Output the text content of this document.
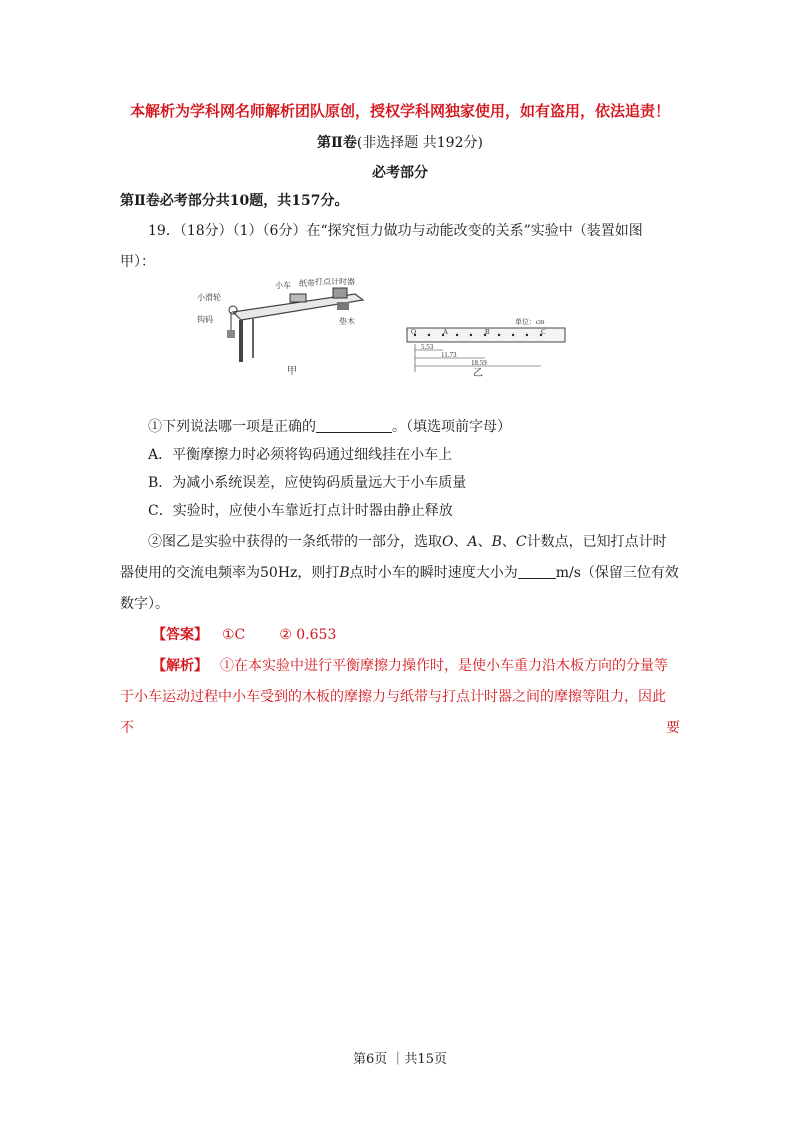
本解析为学科网名师解析团队原创，授权学科网独家使用，如有盗用，依法追责！
第Ⅱ卷(非选择题 共192分)
必考部分
第Ⅱ卷必考部分共10题，共157分。
19．（18分）（1）（6分）在“探究恒力做功与动能改变的关系”实验中（装置如图
甲）：
小滑轮
钩码
小车 纸带 打点计时器
垫木
甲
单位：cm
O	A	B	C
5.53
11.73
18.59
乙
①下列说法哪一项是正确的	。（填选项前字母）
A．平衡摩擦力时必须将钩码通过细线挂在小车上
B．为减小系统误差，应使钩码质量远大于小车质量
C．实验时，应使小车靠近打点计时器由静止释放
②图乙是实验中获得的一条纸带的一部分，选取O、A、B、C计数点，已知打点计时
器使用的交流电频率为50Hz，则打B点时小车的瞬时速度大小为	m/s（保留三位有效
数字）。
【答案】 ①C ② 0.653
【解析】 ①在本实验中进行平衡摩擦力操作时，是使小车重力沿木板方向的分量等
于小车运动过程中小车受到的木板的摩擦力与纸带与打点计时器之间的摩擦等阻力，因此
不	要
第6页 ｜共15页
